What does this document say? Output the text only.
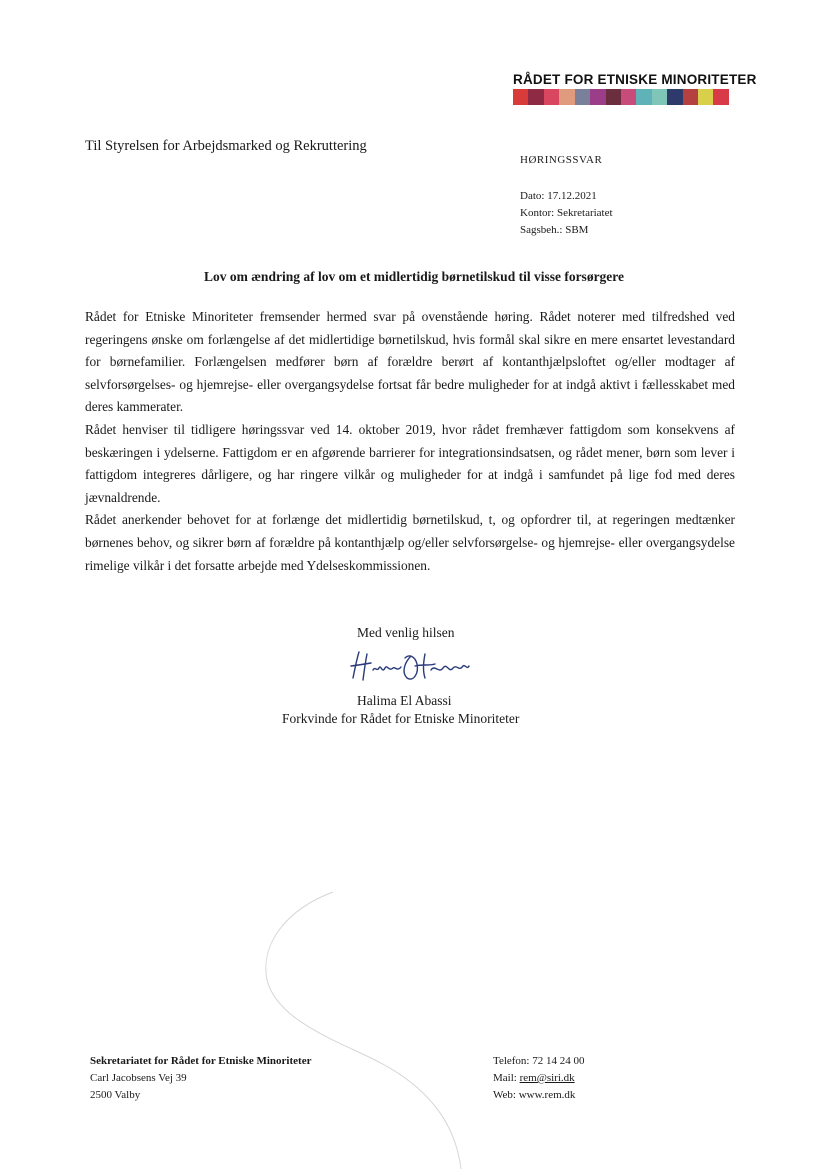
RÅDET FOR ETNISKE MINORITETER
Til Styrelsen for Arbejdsmarked og Rekruttering
HØRINGSSVAR
Dato: 17.12.2021
Kontor: Sekretariatet
Sagsbeh.: SBM
Lov om ændring af lov om et midlertidig børnetilskud til visse forsørgere

Rådet for Etniske Minoriteter fremsender hermed svar på ovenstående høring. Rådet noterer med tilfredshed ved regeringens ønske om forlængelse af det midlertidige børnetilskud, hvis formål skal sikre en mere ensartet levestandard for børnefamilier. Forlængelsen medfører børn af forældre berørt af kontanthjælpsloftet og/eller modtager af selvforsørgelses- og hjemrejse- eller overgangsydelse fortsat får bedre muligheder for at indgå aktivt i fællesskabet med deres kammerater.

Rådet henviser til tidligere høringssvar ved 14. oktober 2019, hvor rådet fremhæver fattigdom som konsekvens af beskæringen i ydelserne. Fattigdom er en afgørende barrierer for integrationsindsatsen, og rådet mener, børn som lever i fattigdom integreres dårligere, og har ringere vilkår og muligheder for at indgå i samfundet på lige fod med deres jævnaldrende.

Rådet anerkender behovet for at forlænge det midlertidig børnetilskud, t, og opfordrer til, at regeringen medtænker børnenes behov, og sikrer børn af forældre på kontanthjælp og/eller selvforsørgelse- og hjemrejse- eller overgangsydelse rimelige vilkår i det forsatte arbejde med Ydelseskommissionen.

Med venlig hilsen
Halima El Abassi
Forkvinde for Rådet for Etniske Minoriteter
Sekretariatet for Rådet for Etniske Minoriteter
Carl Jacobsens Vej 39
2500 Valby
Telefon: 72 14 24 00
Mail: rem@siri.dk
Web: www.rem.dk
